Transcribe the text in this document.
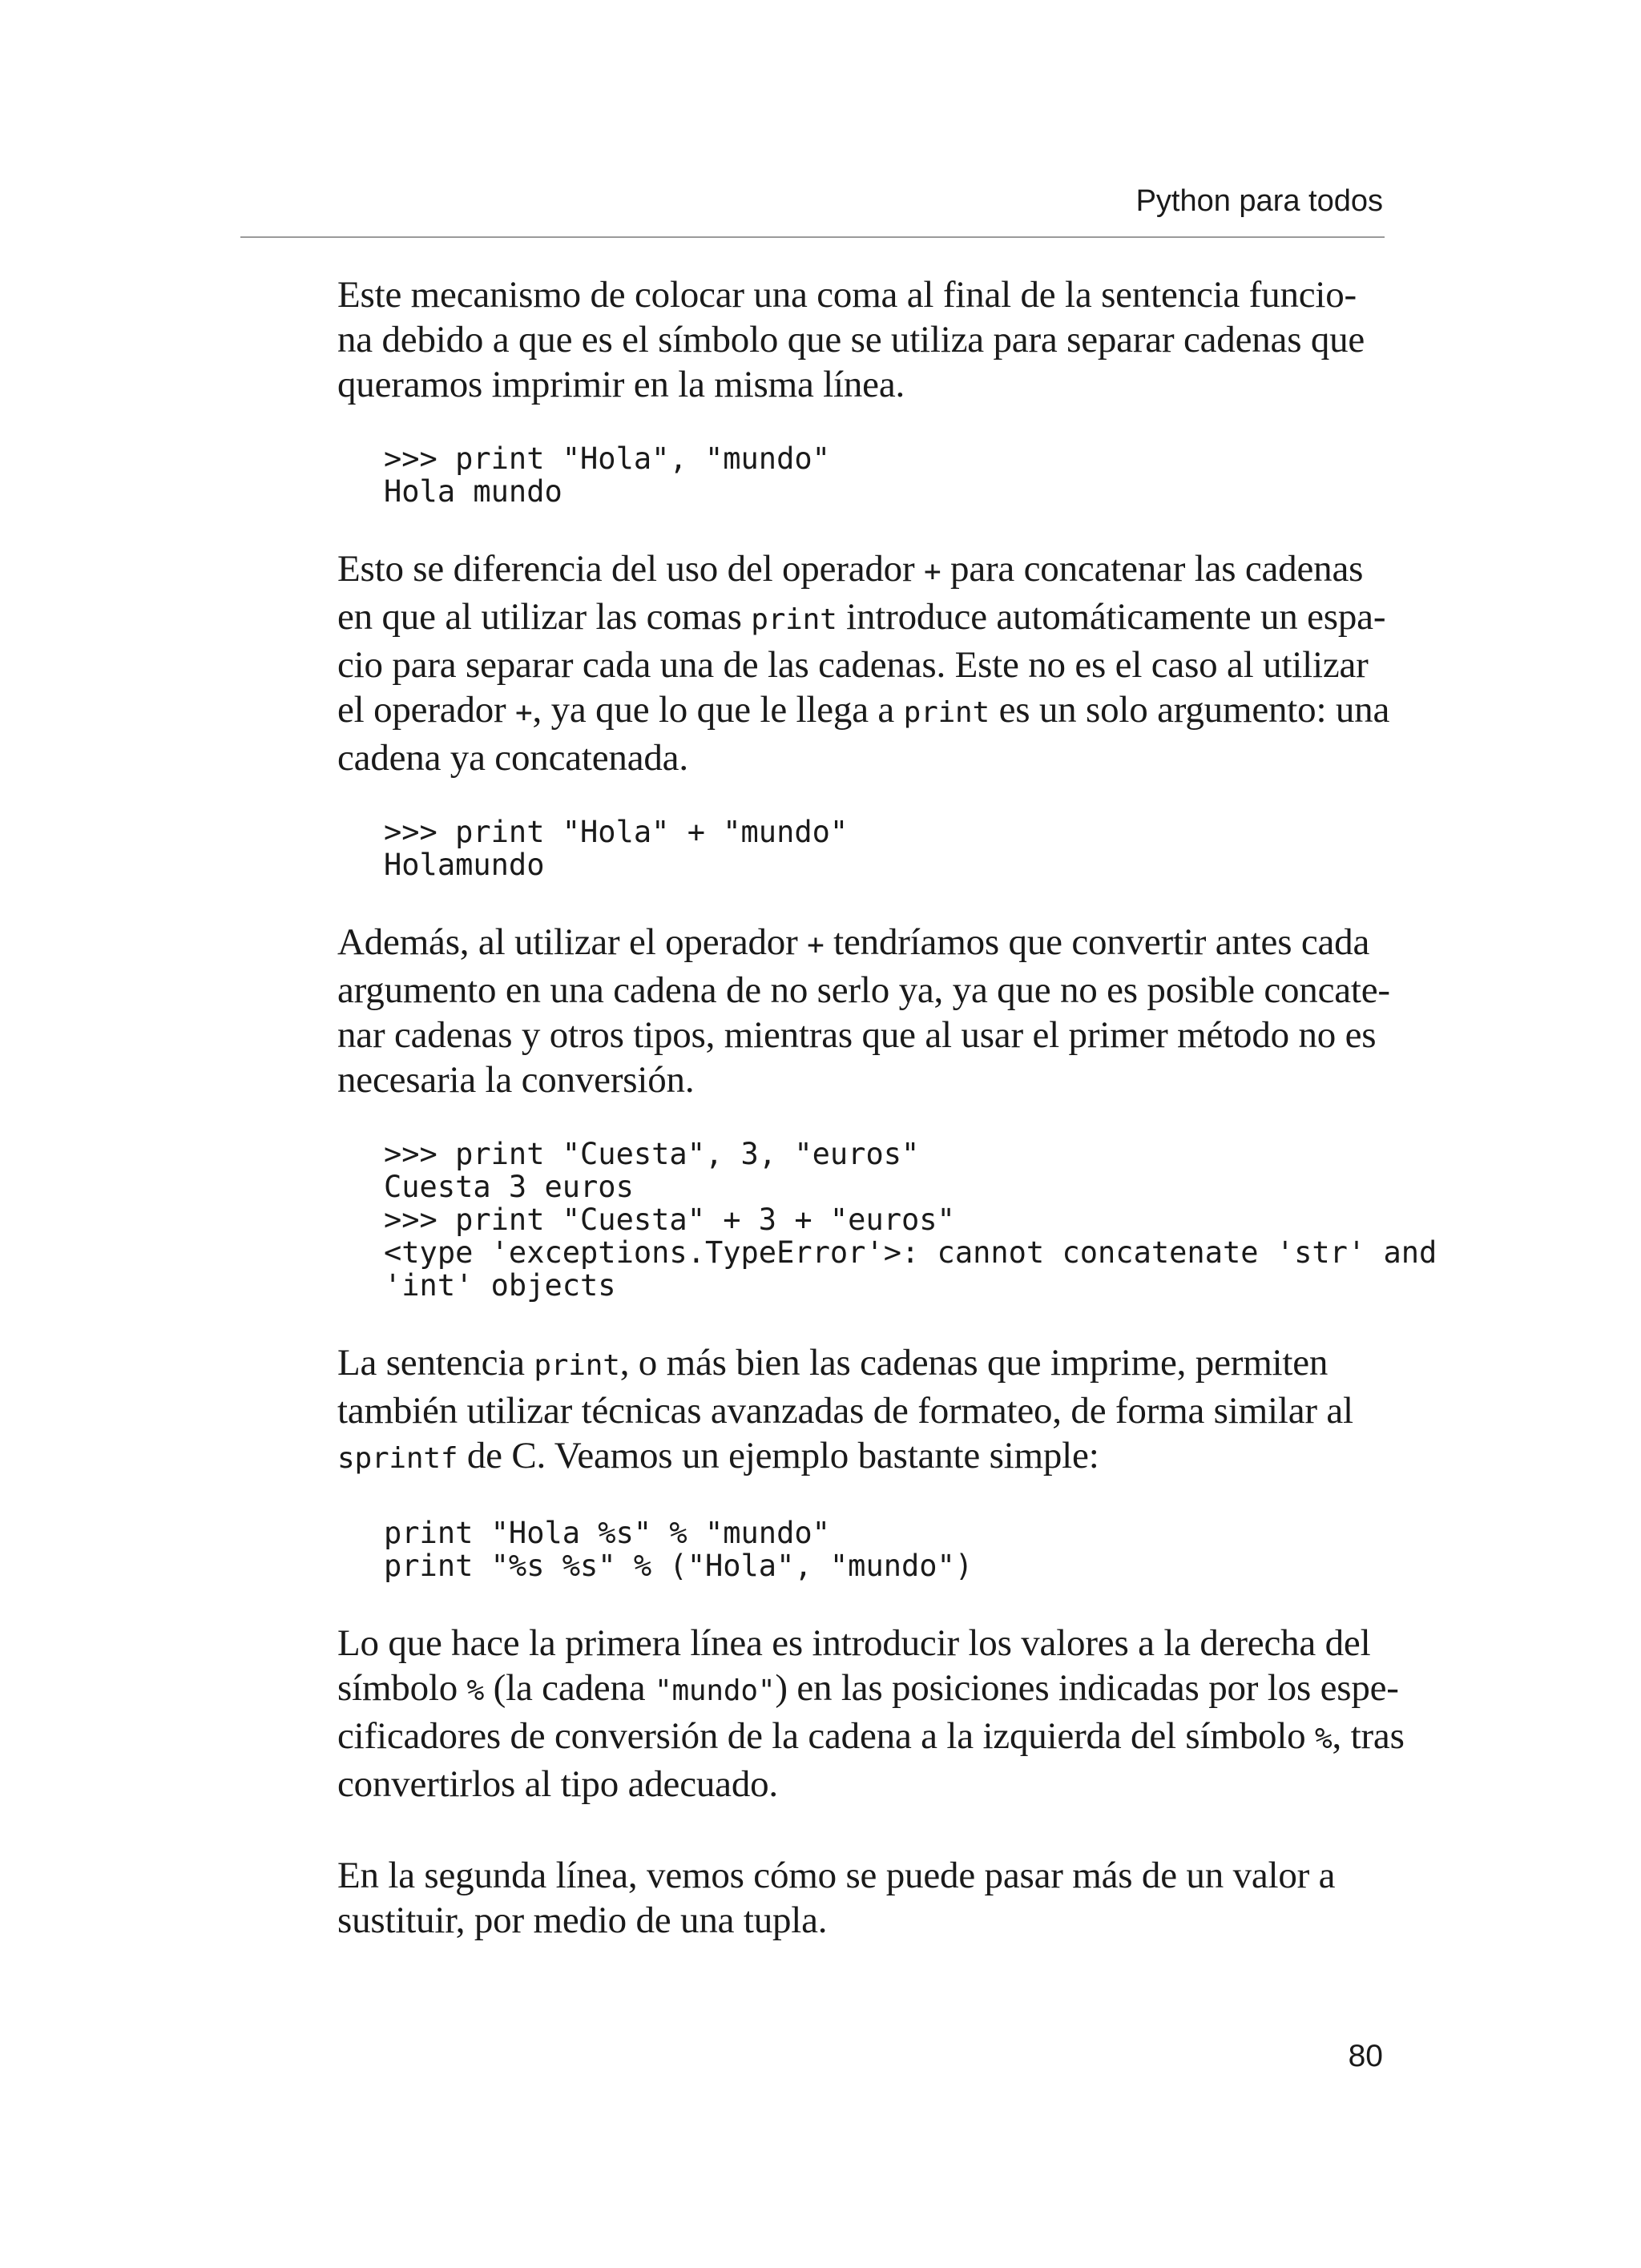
Python para todos

Este mecanismo de colocar una coma al final de la sentencia funcio-
na debido a que es el símbolo que se utiliza para separar cadenas que
queramos imprimir en la misma línea.

>>> print "Hola", "mundo"
Hola mundo

Esto se diferencia del uso del operador + para concatenar las cadenas
en que al utilizar las comas print introduce automáticamente un espa-
cio para separar cada una de las cadenas. Este no es el caso al utilizar
el operador +, ya que lo que le llega a print es un solo argumento: una
cadena ya concatenada.

>>> print "Hola" + "mundo"
Holamundo

Además, al utilizar el operador + tendríamos que convertir antes cada
argumento en una cadena de no serlo ya, ya que no es posible concate-
nar cadenas y otros tipos, mientras que al usar el primer método no es
necesaria la conversión.

>>> print "Cuesta", 3, "euros"
Cuesta 3 euros
>>> print "Cuesta" + 3 + "euros"
<type 'exceptions.TypeError'>: cannot concatenate 'str' and
'int' objects

La sentencia print, o más bien las cadenas que imprime, permiten
también utilizar técnicas avanzadas de formateo, de forma similar al
sprintf de C. Veamos un ejemplo bastante simple:

print "Hola %s" % "mundo"
print "%s %s" % ("Hola", "mundo")

Lo que hace la primera línea es introducir los valores a la derecha del
símbolo % (la cadena "mundo") en las posiciones indicadas por los espe-
cificadores de conversión de la cadena a la izquierda del símbolo %, tras
convertirlos al tipo adecuado.

En la segunda línea, vemos cómo se puede pasar más de un valor a
sustituir, por medio de una tupla.

80
